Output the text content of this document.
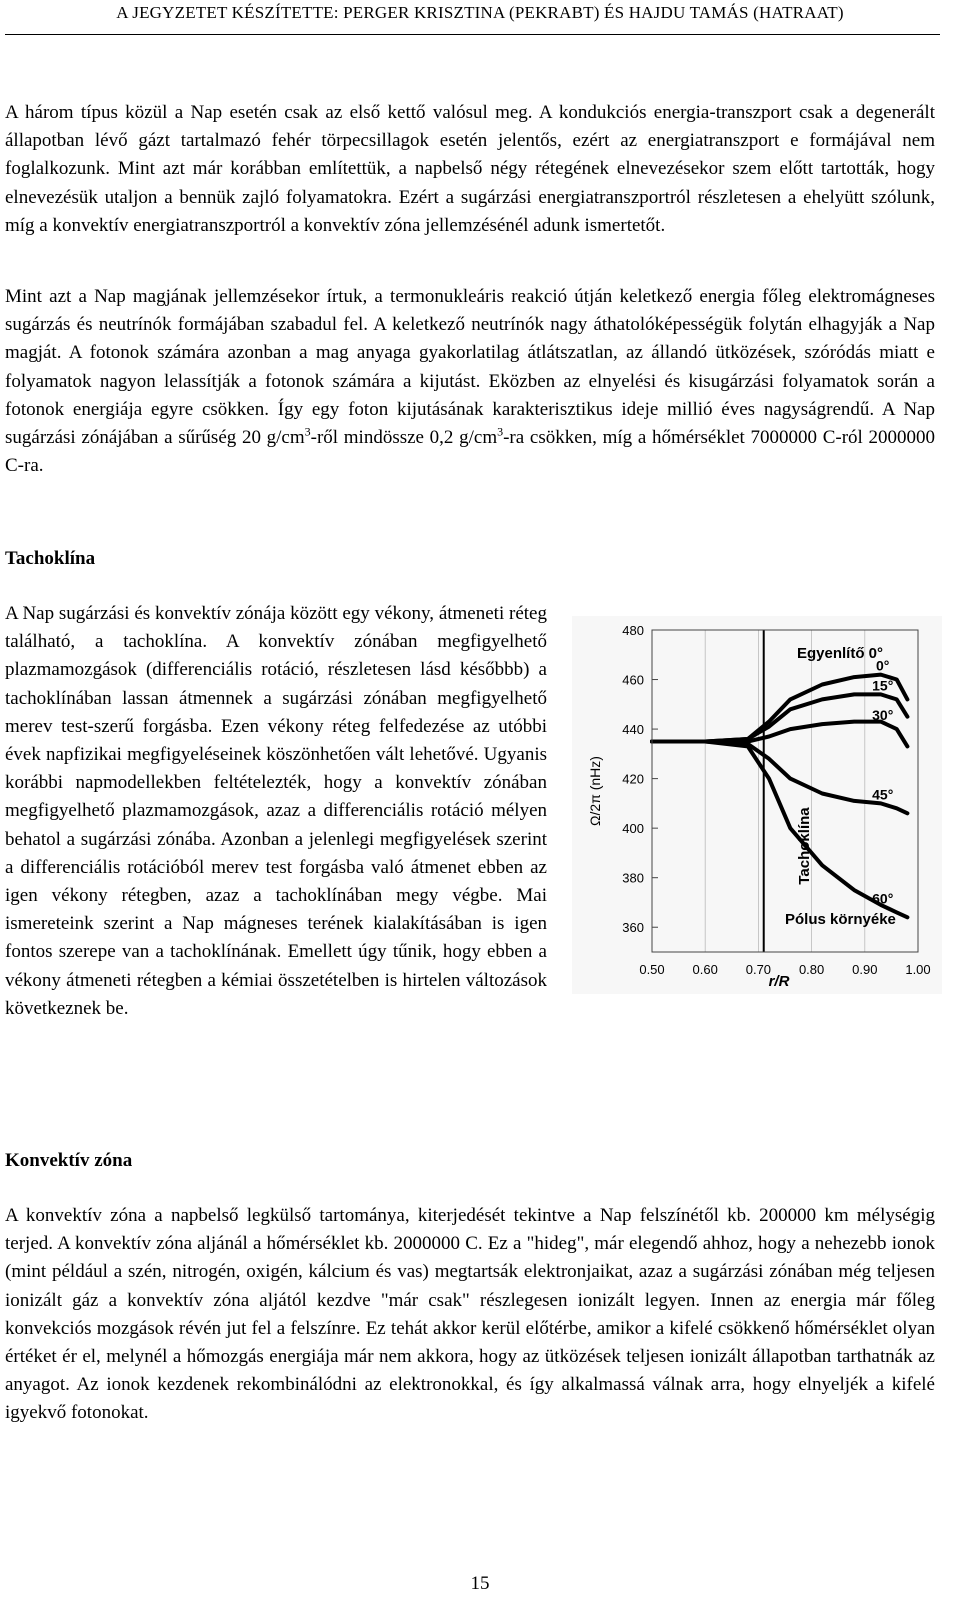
A JEGYZETET KÉSZÍTETTE: PERGER KRISZTINA (PEKRABT) ÉS HAJDU TAMÁS (HATRAAT)

A három típus közül a Nap esetén csak az első kettő valósul meg. A kondukciós energia-transzport csak a degenerált állapotban lévő gázt tartalmazó fehér törpecsillagok esetén jelentős, ezért az energiatranszport e formájával nem foglalkozunk. Mint azt már korábban említettük, a napbelső négy rétegének elnevezésekor szem előtt tartották, hogy elnevezésük utaljon a bennük zajló folyamatokra. Ezért a sugárzási energiatranszportról részletesen a ehelyütt szólunk, míg a konvektív energiatranszportról a konvektív zóna jellemzésénél adunk ismertetőt.

Mint azt a Nap magjának jellemzésekor írtuk, a termonukleáris reakció útján keletkező energia főleg elektromágneses sugárzás és neutrínók formájában szabadul fel. A keletkező neutrínók nagy áthatolóképességük folytán elhagyják a Nap magját. A fotonok számára azonban a mag anyaga gyakorlatilag átlátszatlan, az állandó ütközések, szóródás miatt e folyamatok nagyon lelassítják a fotonok számára a kijutást. Eközben az elnyelési és kisugárzási folyamatok során a fotonok energiája egyre csökken. Így egy foton kijutásának karakterisztikus ideje millió éves nagyságrendű. A Nap sugárzási zónájában a sűrűség 20 $g/cm^3$-ről mindössze 0,2 $g/cm^3-ra$ csökken, míg a hőmérséklet 7000000 C-ról 2000000 C-ra.

Tachoklína
A Nap sugárzási és konvektív zónája között egy vékony, átmeneti réteg található, a tachoklína. A konvektív zónában megfigyelhető plazmamozgások (differenciális rotáció, részletesen lásd későbbb) a tachoklínában lassan átmennek a sugárzási zónában megfigyelhető merev test-szerű forgásba. Ezen vékony réteg felfedezése az utóbbi évek napfizikai megfigyeléseinek köszönhetően vált lehetővé. Ugyanis korábbi napmodellekben feltételezték, hogy a konvektív zónában megfigyelhető plazmamozgások, azaz a differenciális rotáció mélyen behatol a sugárzási zónába. Azonban a jelenlegi megfigyelések szerint a differenciális rotációból merev test forgásba való átmenet ebben az igen vékony rétegben, azaz a tachoklínában megy végbe. Mai ismereteink szerint a Nap mágneses terének kialakításában is igen fontos szerepe van a tachoklínának. Emellett úgy tűnik, hogy ebben a vékony átmeneti rétegben a kémiai összetételben is hirtelen változások következnek be.
480
460
440
420
400
380
360
0.50 0.60 0.70 0.80 0.90 1.00
0°
15°
30°
45°
60°
Ω/2π (nHz)
r/R
Egyenlítő 0°
Pólus környéke
Tachoklína
Konvektív zóna

A konvektív zóna a napbelső legkülső tartománya, kiterjedését tekintve a Nap felszínétől kb. 200000 km mélységig terjed. A konvektív zóna aljánál a hőmérséklet kb. 2000000 C. Ez a "hideg", már elegendő ahhoz, hogy a nehezebb ionok (mint például a szén, nitrogén, oxigén, kálcium és vas) megtartsák elektronjaikat, azaz a sugárzási zónában még teljesen ionizált gáz a konvektív zóna aljától kezdve "már csak" részlegesen ionizált legyen. Innen az energia már főleg konvekciós mozgások révén jut fel a felszínre. Ez tehát akkor kerül előtérbe, amikor a kifelé csökkenő hőmérséklet olyan értéket ér el, melynél a hőmozgás energiája már nem akkora, hogy az ütközések teljesen ionizált állapotban tarthatnák az anyagot. Az ionok kezdenek rekombinálódni az elektronokkal, és így alkalmassá válnak arra, hogy elnyeljék a kifelé igyekvő fotonokat.

15
